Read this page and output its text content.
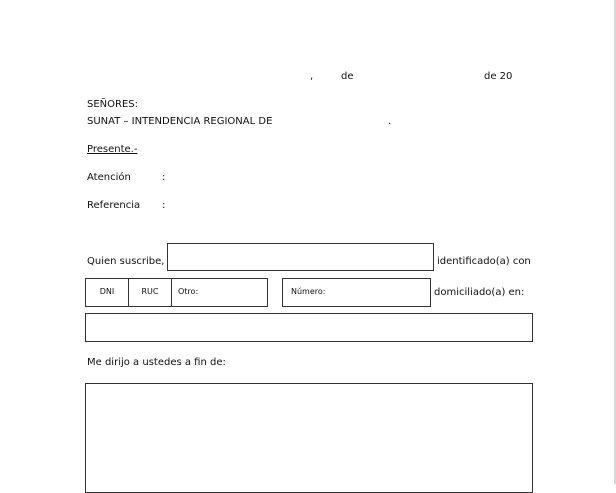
,	de	de 20
SEÑORES:
SUNAT – INTENDENCIA REGIONAL DE	.
Presente.-
Atención	:
Referencia :
Quien suscribe,	identificado(a) con
DNI	RUC	Otro:	Número:	domiciliado(a) en:
Me dirijo a ustedes a fin de:
